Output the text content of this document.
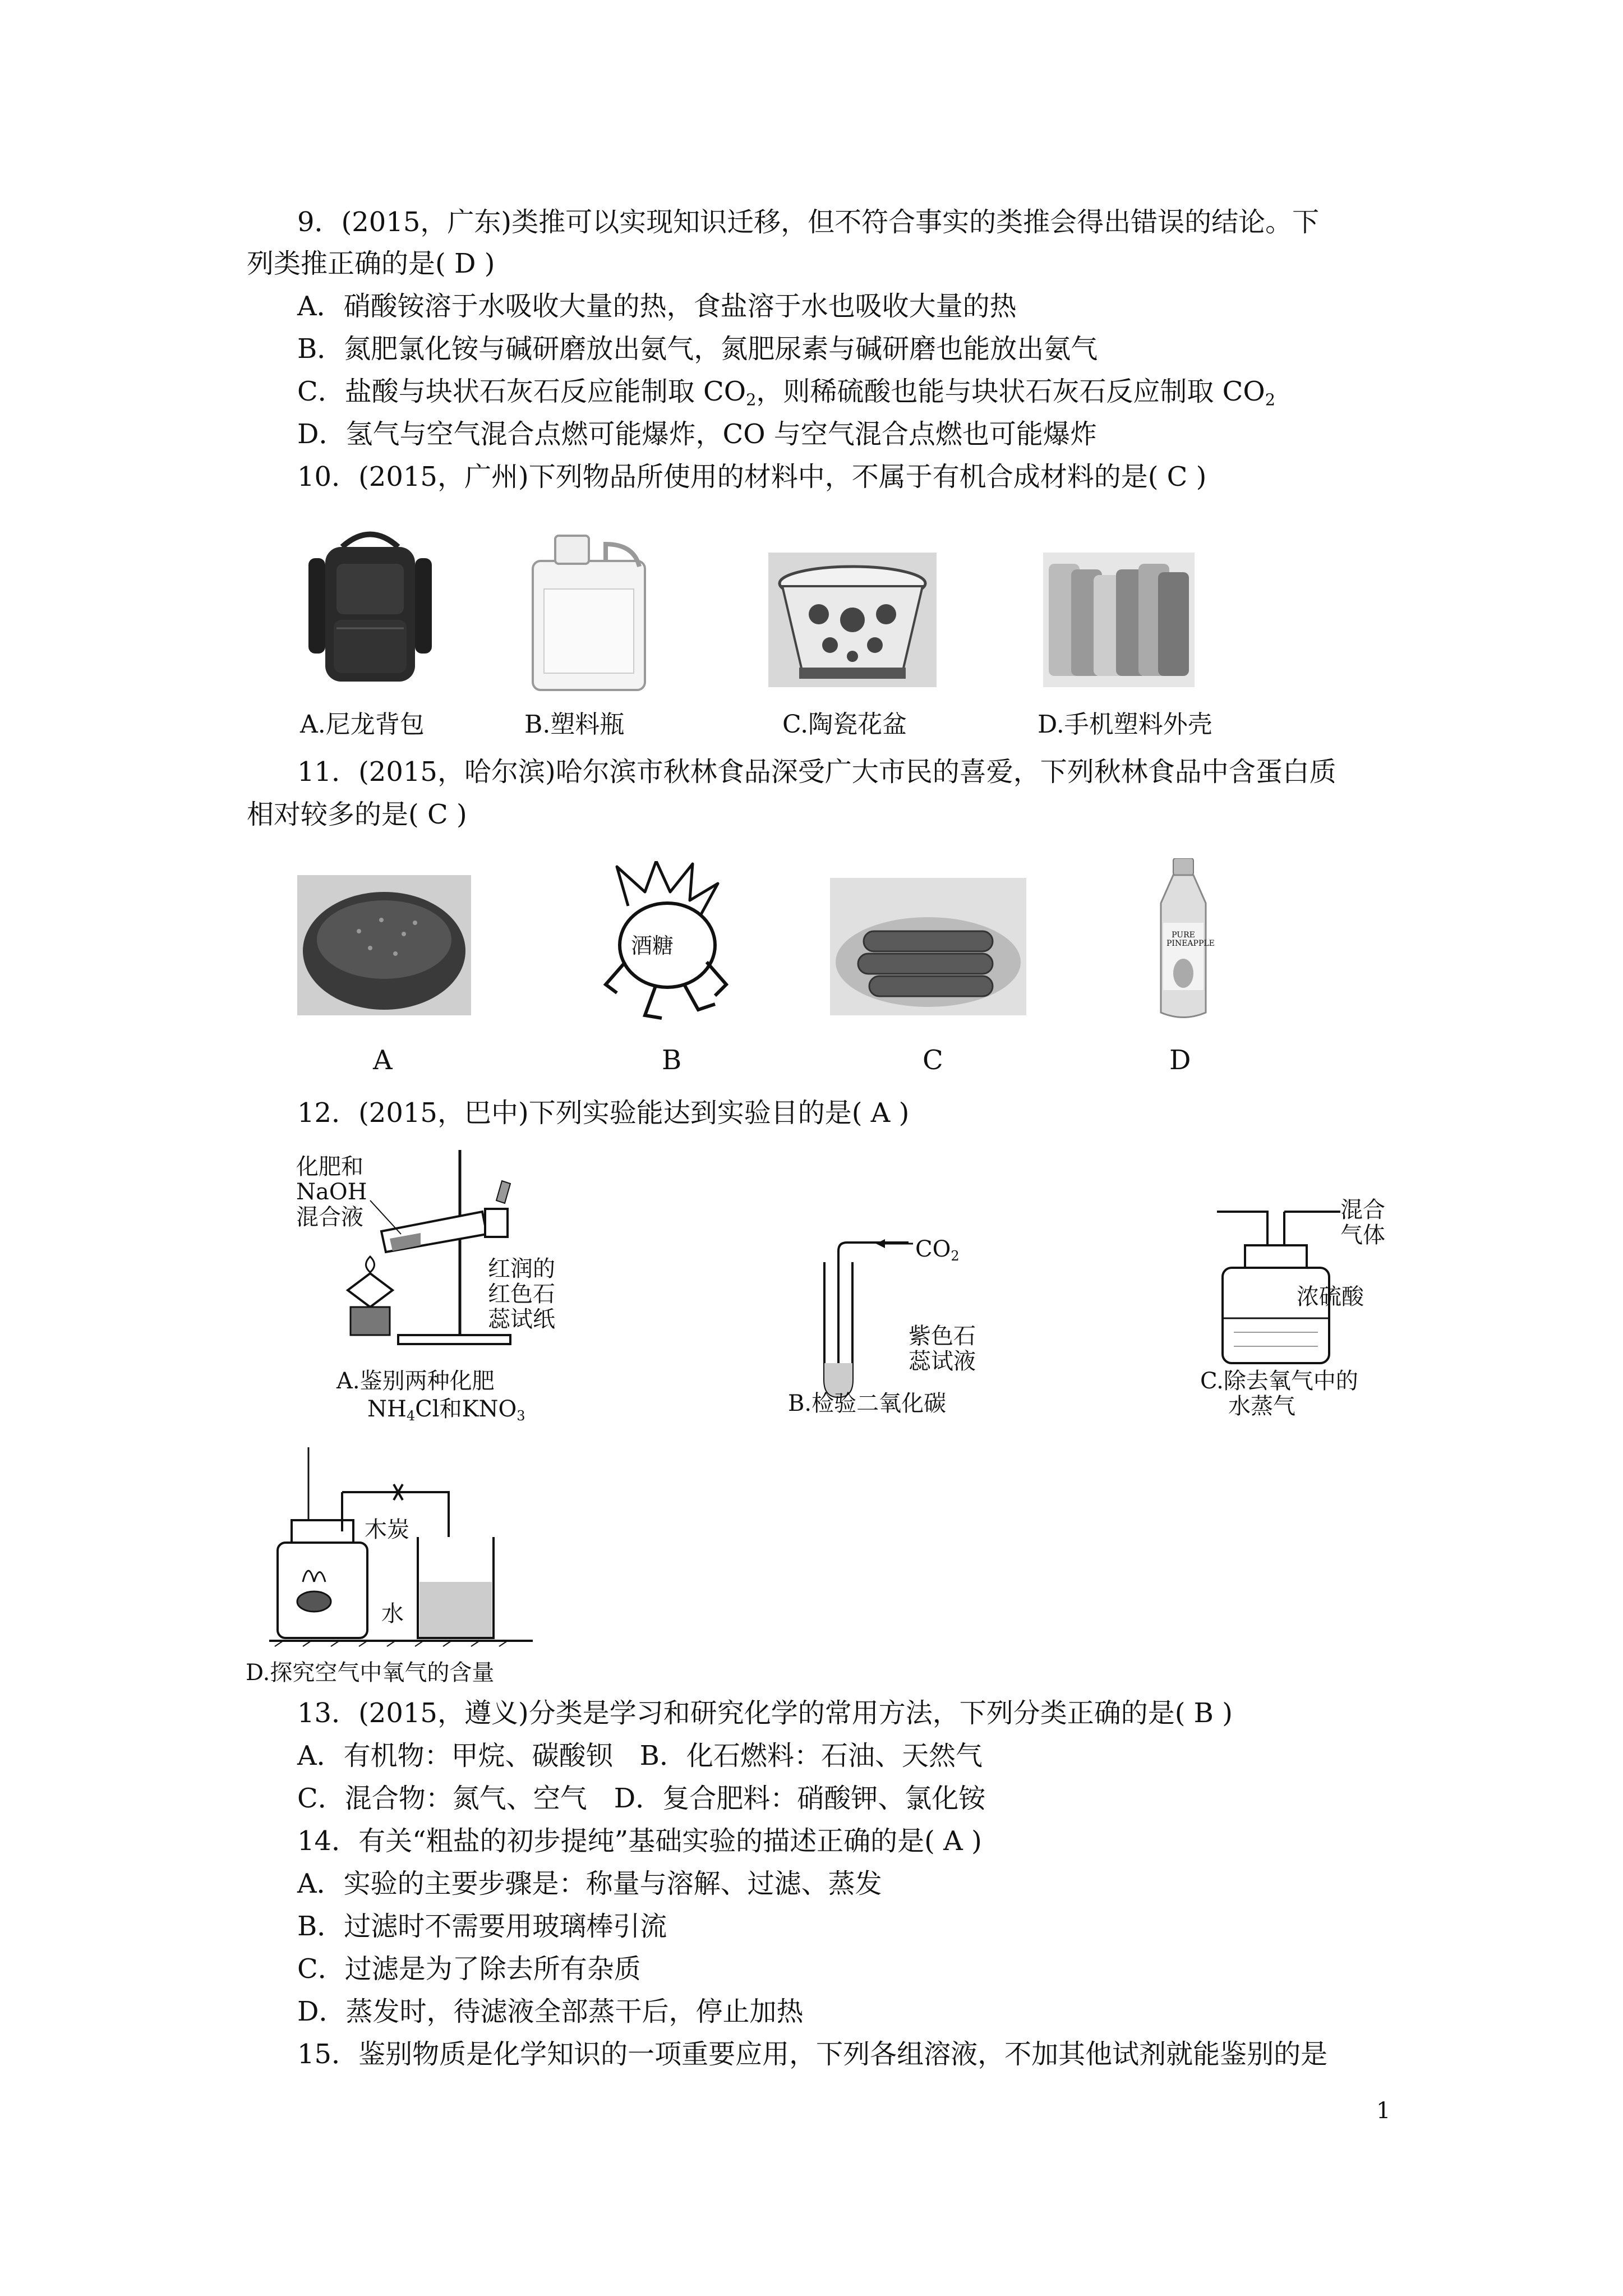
9．(2015，广东)类推可以实现知识迁移，但不符合事实的类推会得出错误的结论。下
列类推正确的是( D )
A．硝酸铵溶于水吸收大量的热，食盐溶于水也吸收大量的热
B．氮肥氯化铵与碱研磨放出氨气，氮肥尿素与碱研磨也能放出氨气
C．盐酸与块状石灰石反应能制取 $CO_2$，则稀硫酸也能与块状石灰石反应制取 $CO_2$
D．氢气与空气混合点燃可能爆炸，CO 与空气混合点燃也可能爆炸
10．(2015，广州)下列物品所使用的材料中，不属于有机合成材料的是( C )
A.尼龙背包	B.塑料瓶	C.陶瓷花盆	D.手机塑料外壳
11．(2015，哈尔滨)哈尔滨市秋林食品深受广大市民的喜爱，下列秋林食品中含蛋白质
相对较多的是( C )
酒糖	PURE PINEAPPLE
A	B	C	D
12．(2015，巴中)下列实验能达到实验目的是( A )
化肥和
NaOH
混合液
红润的
红色石
蕊试纸
A.鉴别两种化肥
$NH_4Cl$和$KNO_3$
$CO_2$
紫色石
蕊试液
B.检验二氧化碳
混合
气体
浓硫酸
C.除去氧气中的
水蒸气
木炭
水
D.探究空气中氧气的含量
13．(2015，遵义)分类是学习和研究化学的常用方法，下列分类正确的是( B )
A．有机物：甲烷、碳酸钡　B．化石燃料：石油、天然气
C．混合物：氮气、空气　D．复合肥料：硝酸钾、氯化铵
14．有关“粗盐的初步提纯”基础实验的描述正确的是( A )
A．实验的主要步骤是：称量与溶解、过滤、蒸发
B．过滤时不需要用玻璃棒引流
C．过滤是为了除去所有杂质
D．蒸发时，待滤液全部蒸干后，停止加热
15．鉴别物质是化学知识的一项重要应用，下列各组溶液，不加其他试剂就能鉴别的是
1
